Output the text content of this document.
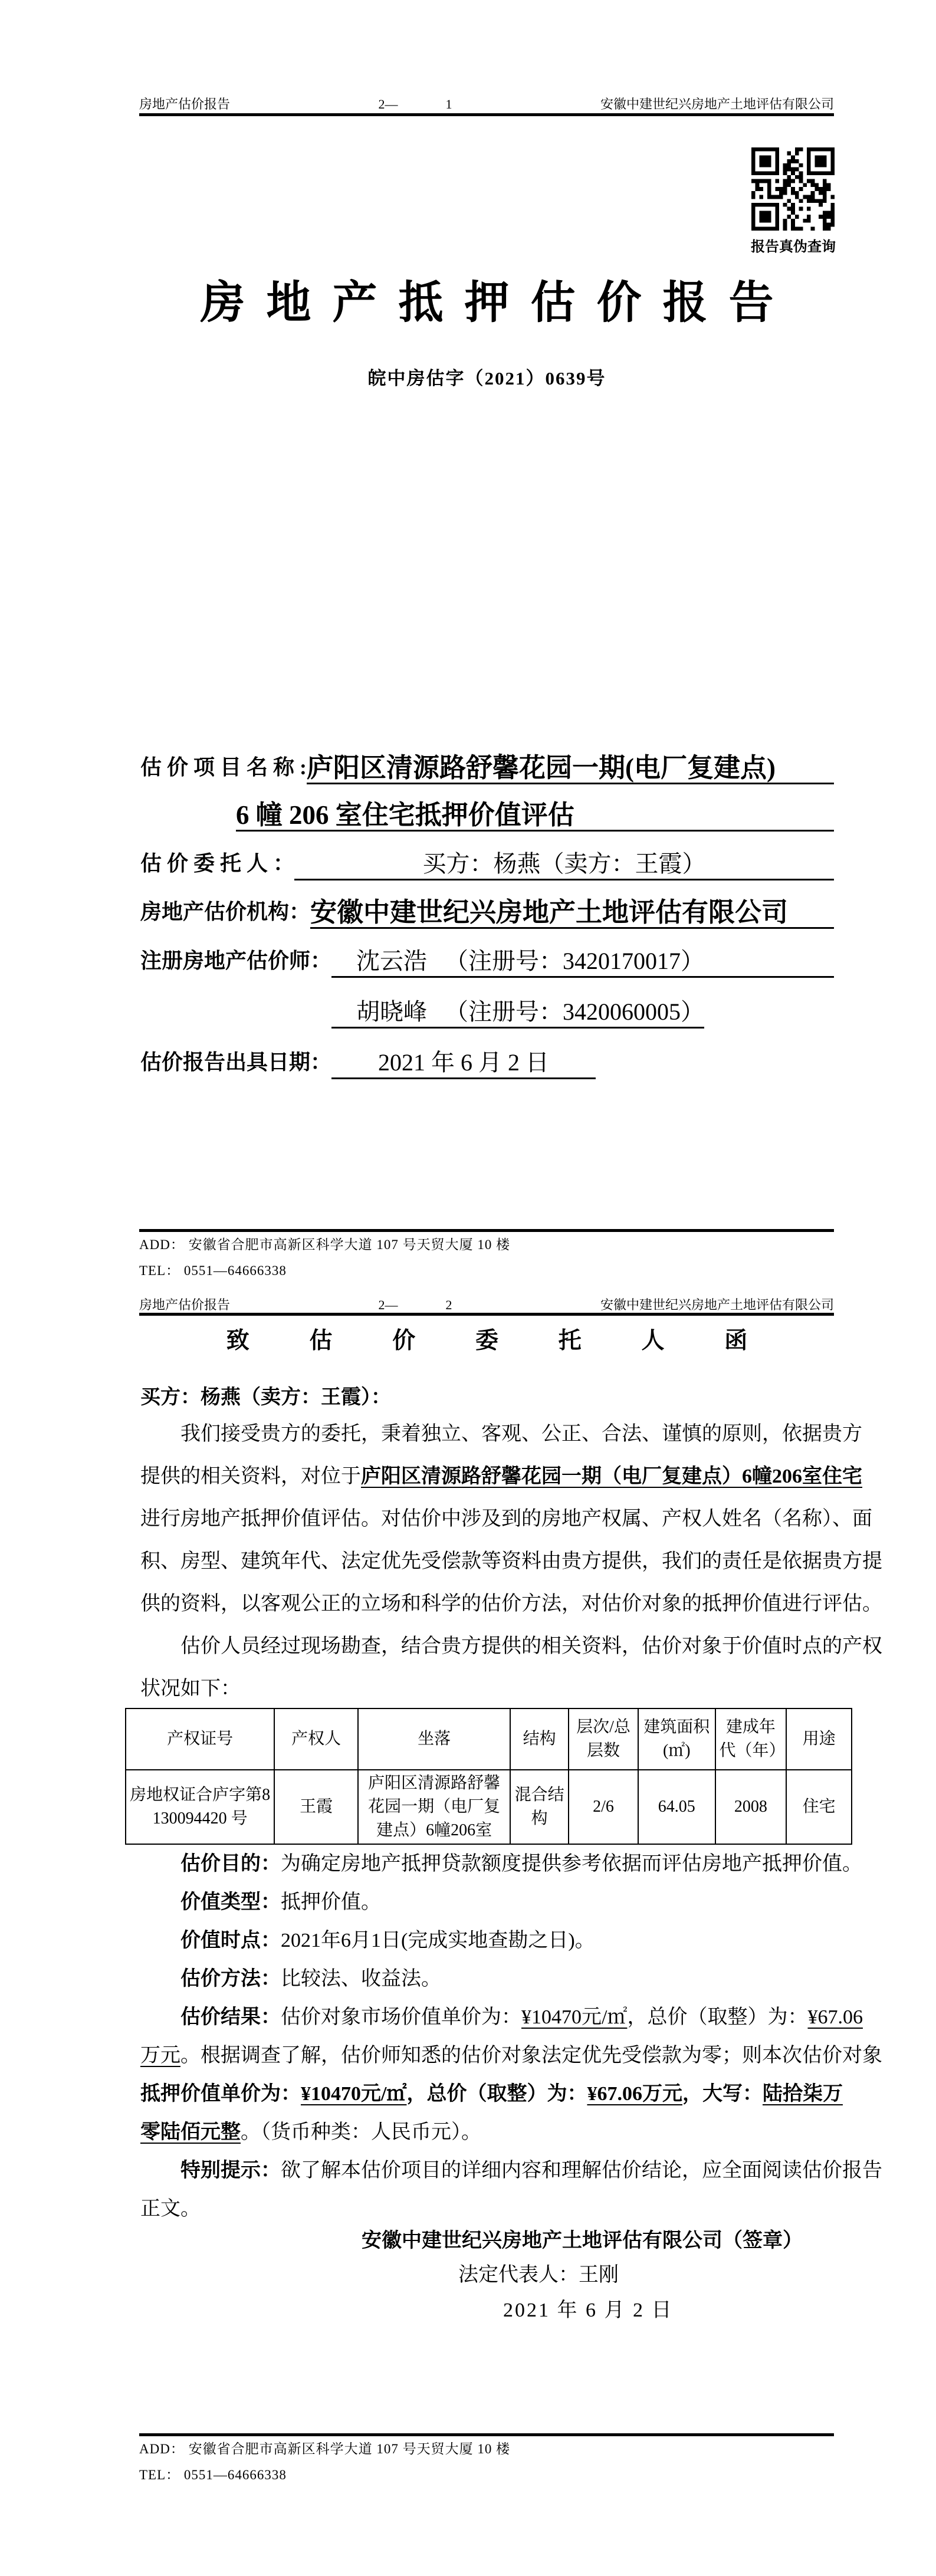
房地产估价报告	2—	1	安徽中建世纪兴房地产土地评估有限公司
报告真伪查询
房地产抵押估价报告
皖中房估字（2021）0639号
估 价 项 目 名 称 : 庐阳区清源路舒馨花园一期(电厂复建点)

6 幢 206 室住宅抵押价值评估
估 价 委 托 人 ：	买方：杨燕（卖方：王霞）
房地产估价机构： 安徽中建世纪兴房地产土地评估有限公司
注册房地产估价师：	沈云浩 　（注册号：3420170017）
胡晓峰 　（注册号：3420060005）
估价报告出具日期：	2021 年 6 月 2 日
ADD： 安徽省合肥市高新区科学大道 107 号天贸大厦 10 楼
TEL： 0551—64666338
房地产估价报告	2—	2	安徽中建世纪兴房地产土地评估有限公司
致 估 价 委 托 人 函
买方：杨燕（卖方：王霞）：
我们接受贵方的委托，秉着独立、客观、公正、合法、谨慎的原则，依据贵方
提供的相关资料，对位于庐阳区清源路舒馨花园一期（电厂复建点）6幢206室住宅
进行房地产抵押价值评估。对估价中涉及到的房地产权属、产权人姓名（名称）、面
积、房型、建筑年代、法定优先受偿款等资料由贵方提供，我们的责任是依据贵方提
供的资料，以客观公正的立场和科学的估价方法，对估价对象的抵押价值进行评估。
估价人员经过现场勘查，结合贵方提供的相关资料，估价对象于价值时点的产权
状况如下：
产权证号	产权人	坐落	结构	层次/总层数	建筑面积(㎡)	建成年代（年）	用途
房地权证合庐字第8130094420 号	王霞	庐阳区清源路舒馨花园一期（电厂复建点）6幢206室	混合结构	2/6	64.05	2008	住宅
估价目的：为确定房地产抵押贷款额度提供参考依据而评估房地产抵押价值。
价值类型：抵押价值。
价值时点：2021年6月1日(完成实地查勘之日)。
估价方法：比较法、收益法。
估价结果：估价对象市场价值单价为：¥10470元/㎡，总价（取整）为：¥67.06
万元。根据调查了解，估价师知悉的估价对象法定优先受偿款为零；则本次估价对象
抵押价值单价为：¥10470元/㎡，总价（取整）为：¥67.06万元，大写：陆拾柒万
零陆佰元整。（货币种类：人民币元）。
特别提示：欲了解本估价项目的详细内容和理解估价结论，应全面阅读估价报告
正文。
安徽中建世纪兴房地产土地评估有限公司（签章）
法定代表人：王刚
2021 年 6 月 2 日
ADD： 安徽省合肥市高新区科学大道 107 号天贸大厦 10 楼
TEL： 0551—64666338
